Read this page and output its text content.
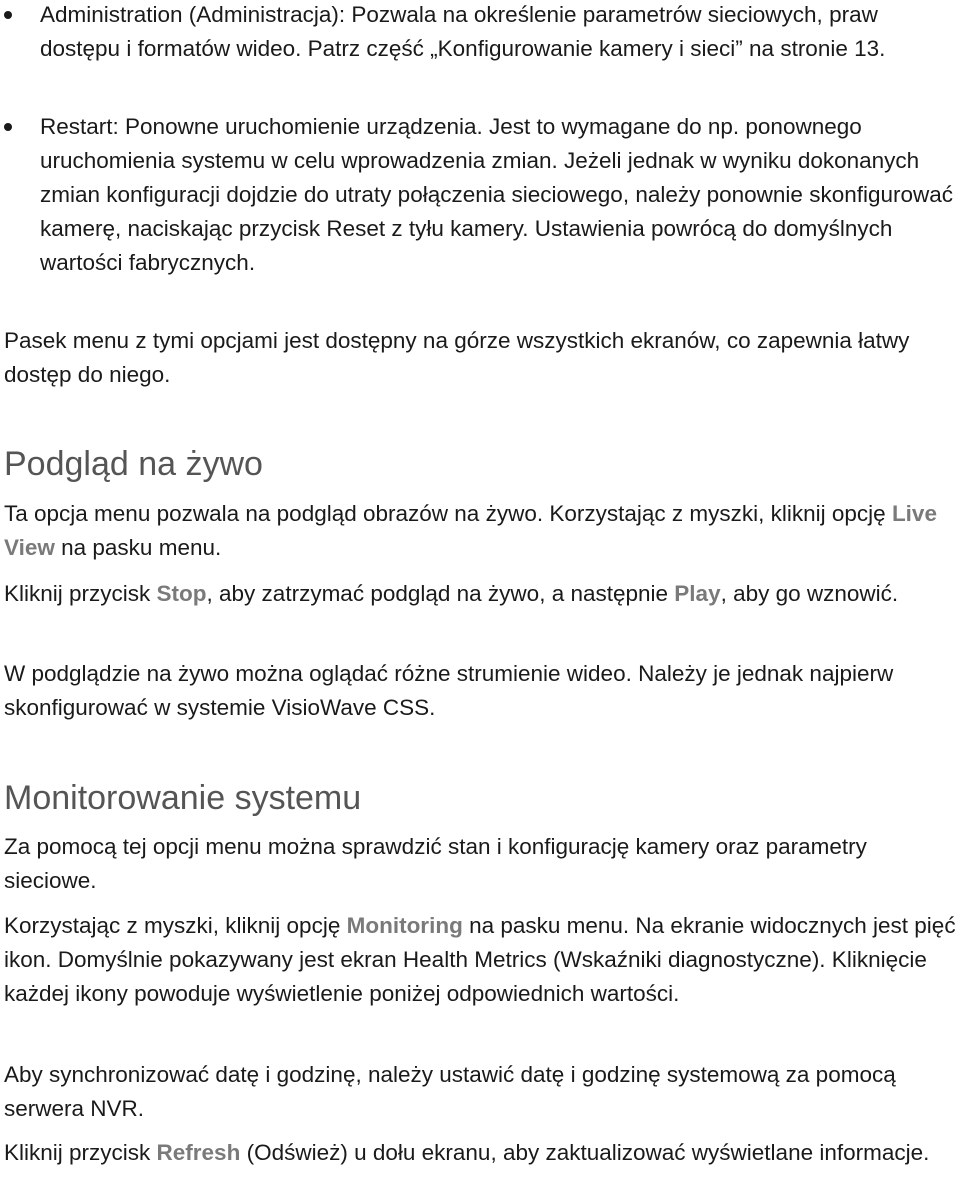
Administration (Administracja): Pozwala na określenie parametrów sieciowych, praw dostępu i formatów wideo. Patrz część „Konfigurowanie kamery i sieci” na stronie 13.
Restart: Ponowne uruchomienie urządzenia. Jest to wymagane do np. ponownego uruchomienia systemu w celu wprowadzenia zmian. Jeżeli jednak w wyniku dokonanych zmian konfiguracji dojdzie do utraty połączenia sieciowego, należy ponownie skonfigurować kamerę, naciskając przycisk Reset z tyłu kamery. Ustawienia powrócą do domyślnych wartości fabrycznych.

Pasek menu z tymi opcjami jest dostępny na górze wszystkich ekranów, co zapewnia łatwy dostęp do niego.

Podgląd na żywo

Ta opcja menu pozwala na podgląd obrazów na żywo. Korzystając z myszki, kliknij opcję Live View na pasku menu.

Kliknij przycisk Stop, aby zatrzymać podgląd na żywo, a następnie Play, aby go wznowić.

W podglądzie na żywo można oglądać różne strumienie wideo. Należy je jednak najpierw skonfigurować w systemie VisioWave CSS.

Monitorowanie systemu

Za pomocą tej opcji menu można sprawdzić stan i konfigurację kamery oraz parametry sieciowe.

Korzystając z myszki, kliknij opcję Monitoring na pasku menu. Na ekranie widocznych jest pięć ikon. Domyślnie pokazywany jest ekran Health Metrics (Wskaźniki diagnostyczne). Kliknięcie każdej ikony powoduje wyświetlenie poniżej odpowiednich wartości.

Aby synchronizować datę i godzinę, należy ustawić datę i godzinę systemową za pomocą serwera NVR.

Kliknij przycisk Refresh (Odśwież) u dołu ekranu, aby zaktualizować wyświetlane informacje.
